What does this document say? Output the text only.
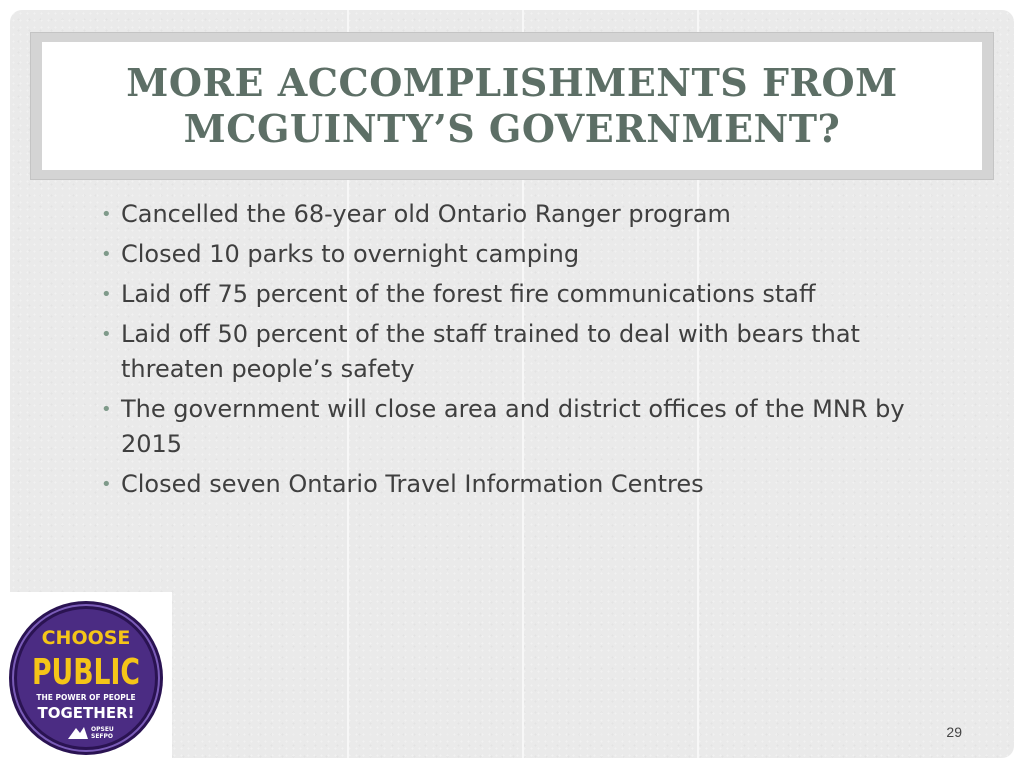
MORE ACCOMPLISHMENTS FROM
MCGUINTY’S GOVERNMENT?
• Cancelled the 68-year old Ontario Ranger program
• Closed 10 parks to overnight camping
• Laid off 75 percent of the forest fire communications staff
• Laid off 50 percent of the staff trained to deal with bears that threaten people’s safety
• The government will close area and district offices of the MNR by 2015
• Closed seven Ontario Travel Information Centres
CHOOSE
PUBLIC
THE POWER OF PEOPLE
TOGETHER!
OPSEU
SEFPO	29
